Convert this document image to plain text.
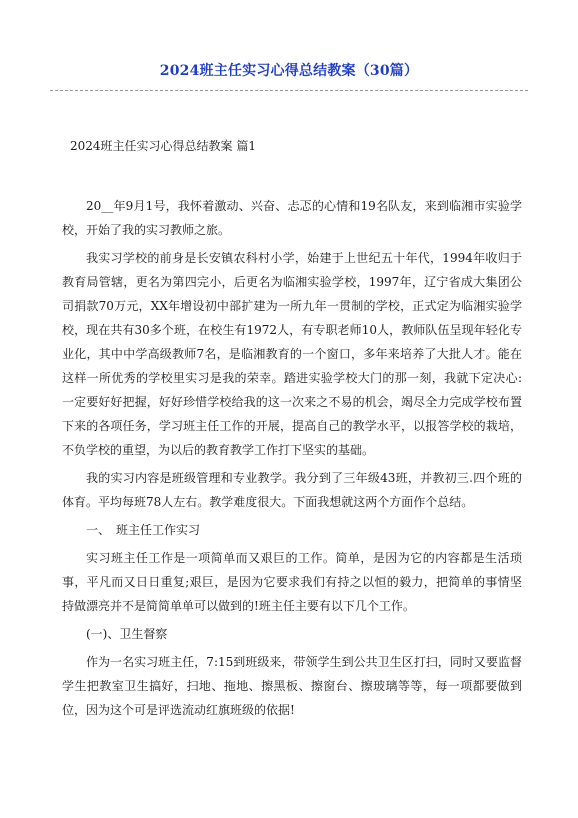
2024班主任实习心得总结教案（30篇）
2024班主任实习心得总结教案 篇1

20__年9月1号，我怀着激动、兴奋、忐忑的心情和19名队友，来到临湘市实验学校，开始了我的实习教师之旅。

我实习学校的前身是长安镇农科村小学，始建于上世纪五十年代，1994年收归于教育局管辖，更名为第四完小，后更名为临湘实验学校，1997年，辽宁省成大集团公司捐款70万元，XX年增设初中部扩建为一所九年一贯制的学校，正式定为临湘实验学校，现在共有30多个班，在校生有1972人，有专职老师10人，教师队伍呈现年轻化专业化，其中中学高级教师7名，是临湘教育的一个窗口，多年来培养了大批人才。能在这样一所优秀的学校里实习是我的荣幸。踏进实验学校大门的那一刻，我就下定决心:一定要好好把握，好好珍惜学校给我的这一次来之不易的机会，竭尽全力完成学校布置下来的各项任务，学习班主任工作的开展，提高自己的教学水平，以报答学校的栽培，不负学校的重望，为以后的教育教学工作打下坚实的基础。

我的实习内容是班级管理和专业教学。我分到了三年级43班，并教初三.四个班的体育。平均每班78人左右。教学难度很大。下面我想就这两个方面作个总结。

一、　班主任工作实习

实习班主任工作是一项简单而又艰巨的工作。简单，是因为它的内容都是生活琐事，平凡而又日日重复;艰巨，是因为它要求我们有持之以恒的毅力，把简单的事情坚持做漂亮并不是简简单单可以做到的!班主任主要有以下几个工作。

(一)、卫生督察

作为一名实习班主任，7:15到班级来，带领学生到公共卫生区打扫，同时又要监督学生把教室卫生搞好，扫地、拖地、擦黑板、擦窗台、擦玻璃等等，每一项都要做到位，因为这个可是评选流动红旗班级的依据!
